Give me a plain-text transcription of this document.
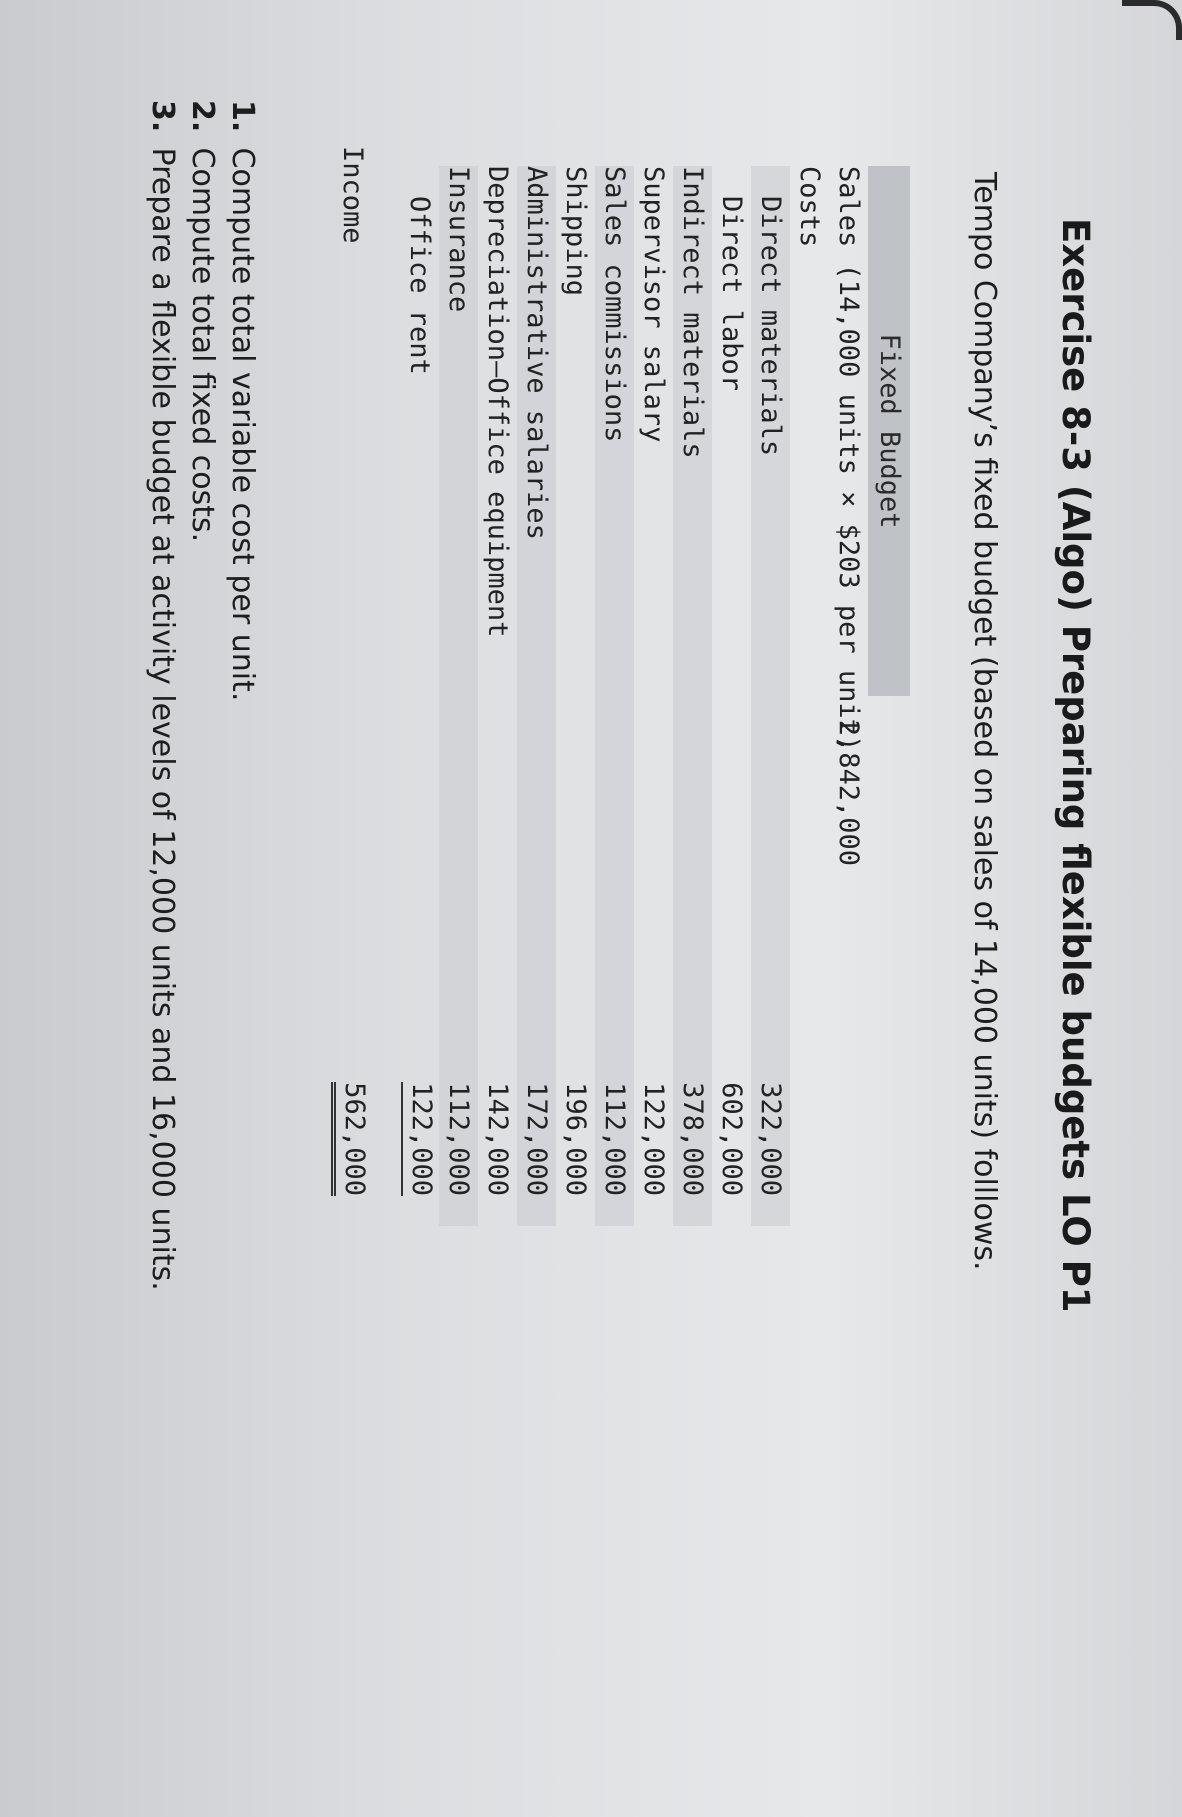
Exercise 8-3 (Algo) Preparing flexible budgets LO P1

Tempo Company’s fixed budget (based on sales of 14,000 units) folllows.

Fixed Budget
Sales (14,000 units × $203 per unit)
2,842,000
Costs
Direct materials
322,000
Direct labor
602,000
Indirect materials
378,000
Supervisor salary
122,000
Sales commissions
112,000
Shipping
196,000
Administrative salaries
172,000
Depreciation—Office equipment
142,000
Insurance
112,000
Office rent
122,000
Income
562,000
1. Compute total variable cost per unit.
2. Compute total fixed costs.
3. Prepare a flexible budget at activity levels of 12,000 units and 16,000 units.
